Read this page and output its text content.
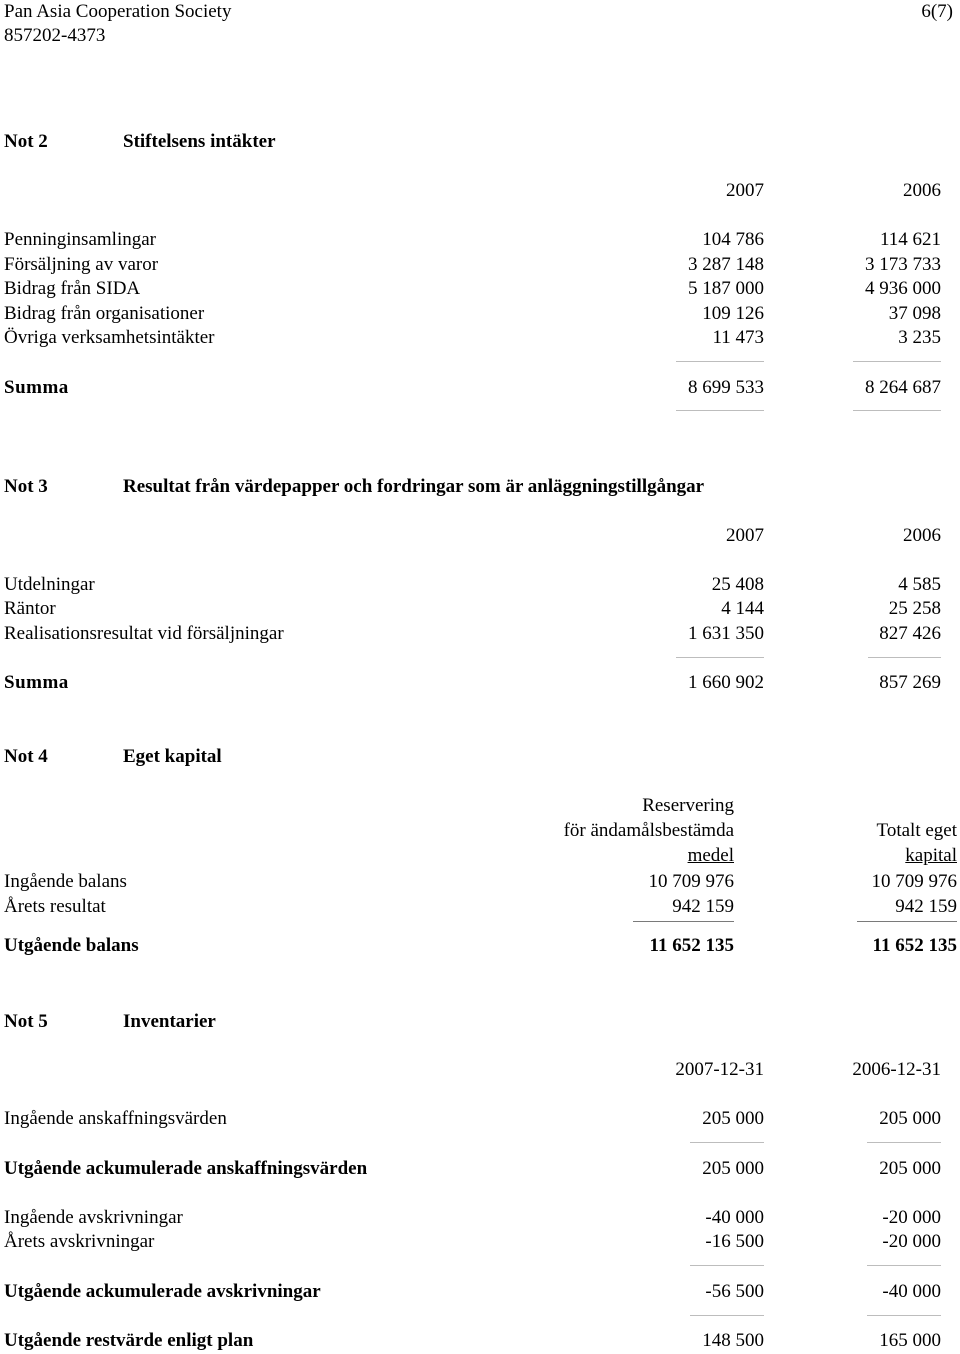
Pan Asia Cooperation Society	6(7)
857202-4373
Not 2	Stiftelsens intäkter
2007	2006
Penninginsamlingar	104 786	114 621
Försäljning av varor	3 287 148	3 173 733
Bidrag från SIDA	5 187 000	4 936 000
Bidrag från organisationer	109 126	37 098
Övriga verksamhetsintäkter	11 473	3 235
Summa	8 699 533	8 264 687
Not 3	Resultat från värdepapper och fordringar som är anläggningstillgångar
2007	2006
Utdelningar	25 408	4 585
Räntor	4 144	25 258
Realisationsresultat vid försäljningar	1 631 350	827 426
Summa	1 660 902	857 269
Not 4	Eget kapital
Reservering
för ändamålsbestämda
medel
Totalt eget
kapital
Ingående balans	10 709 976	10 709 976
Årets resultat	942 159	942 159
Utgående balans	11 652 135	11 652 135
Not 5	Inventarier
2007-12-31	2006-12-31
Ingående anskaffningsvärden	205 000	205 000
Utgående ackumulerade anskaffningsvärden	205 000	205 000
Ingående avskrivningar	-40 000	-20 000
Årets avskrivningar	-16 500	-20 000
Utgående ackumulerade avskrivningar	-56 500	-40 000
Utgående restvärde enligt plan	148 500	165 000
